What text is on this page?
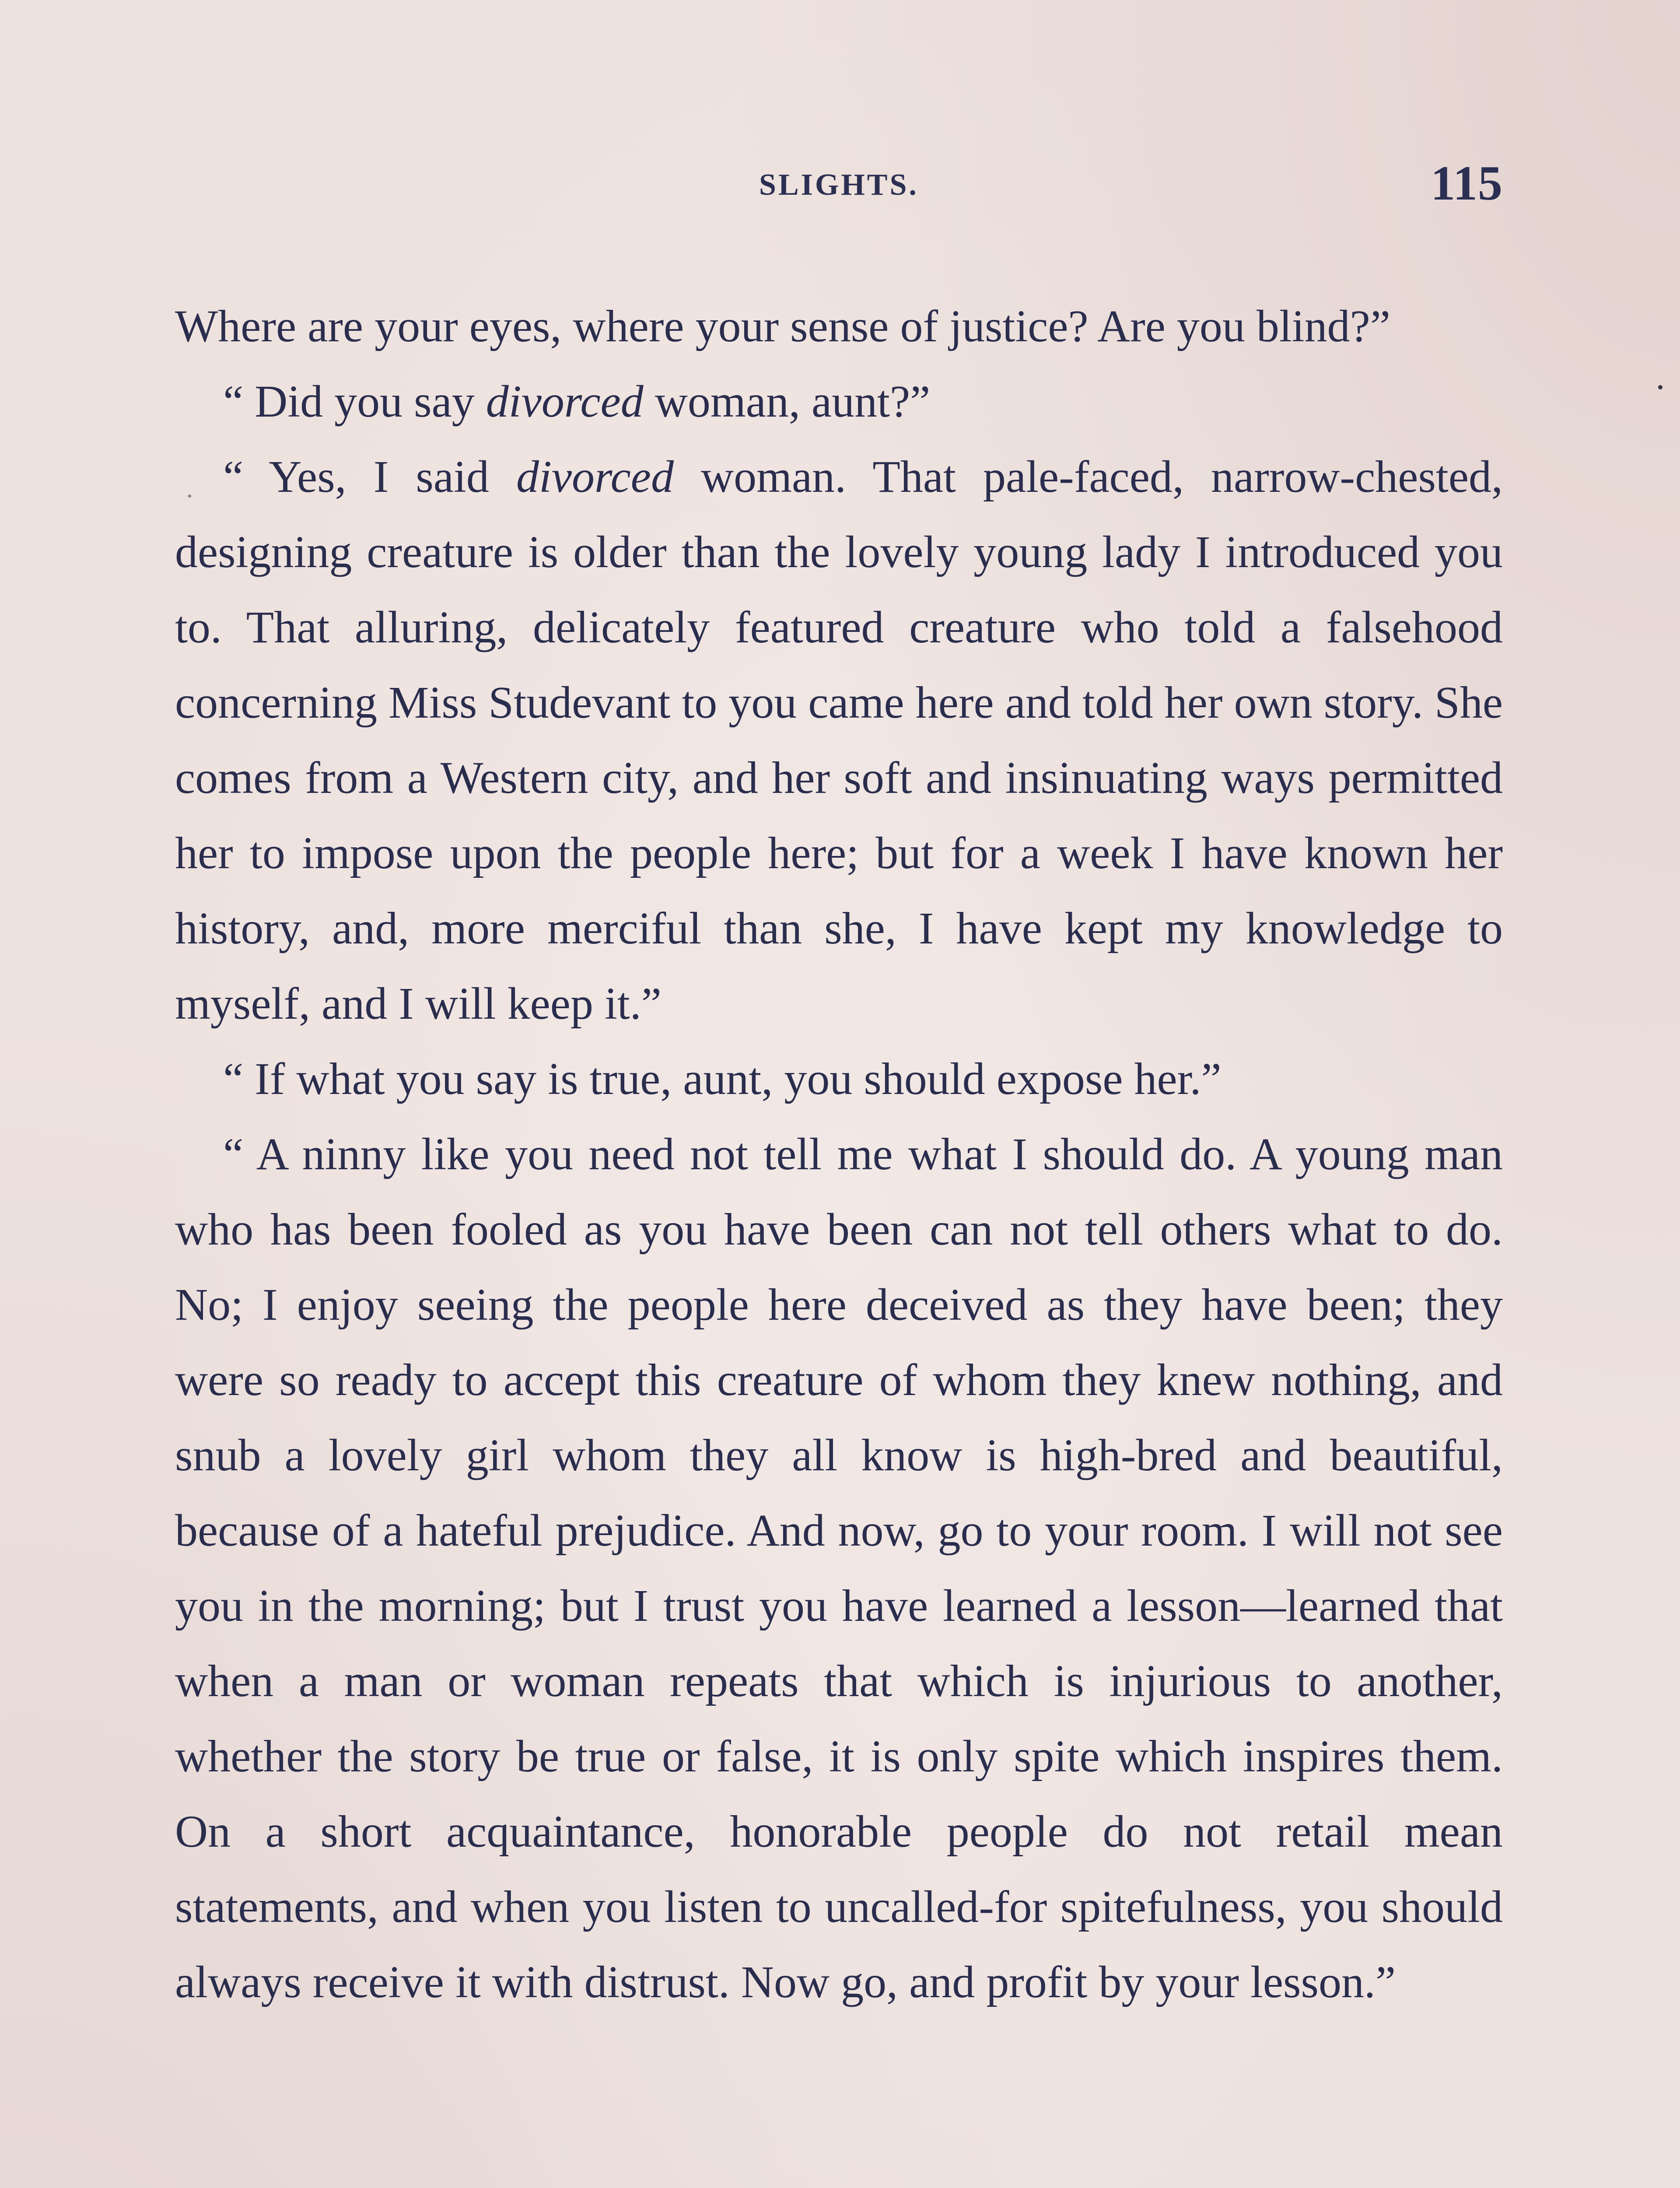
SLIGHTS.	115

Where are your eyes, where your sense of justice? Are you blind?”

“ Did you say divorced woman, aunt?”

“ Yes, I said divorced woman. That pale-faced, narrow-chested, designing creature is older than the lovely young lady I introduced you to. That alluring, delicately featured creature who told a falsehood concerning Miss Studevant to you came here and told her own story. She comes from a Western city, and her soft and insinuating ways permitted her to impose upon the people here; but for a week I have known her history, and, more merciful than she, I have kept my knowledge to myself, and I will keep it.”

“ If what you say is true, aunt, you should expose her.”

“ A ninny like you need not tell me what I should do. A young man who has been fooled as you have been can not tell others what to do. No; I enjoy seeing the people here deceived as they have been; they were so ready to accept this creature of whom they knew nothing, and snub a lovely girl whom they all know is high-bred and beautiful, because of a hateful prejudice. And now, go to your room. I will not see you in the morning; but I trust you have learned a lesson—learned that when a man or woman repeats that which is injurious to another, whether the story be true or false, it is only spite which inspires them. On a short acquaintance, honorable people do not retail mean statements, and when you listen to uncalled-for spitefulness, you should always receive it with distrust. Now go, and profit by your lesson.”
